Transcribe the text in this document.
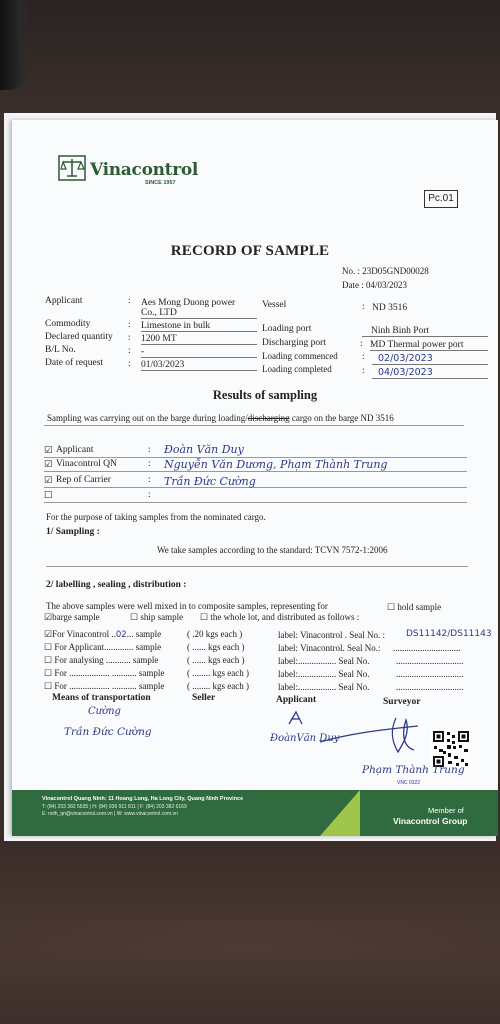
Vinacontrol
SINCE 1957
Pc.01
RECORD OF SAMPLE
No. : 23D05GND00028
Date : 04/03/2023
Applicant	: Aes Mong Duong power
Co., LTD
Commodity	: Limestone in bulk
Declared quantity : 1200 MT
B/L No.	: -
Date of request	: 01/03/2023
Vessel	: ND 3516
Loading port	Ninh Binh Port
Discharging port	: MD Thermal power port
Loading commenced	:	02/03/2023
Loading completed	:	04/03/2023
Results of sampling
Sampling was carrying out on the barge during loading/discharging cargo on the barge ND 3516
☑ Applicant	: Đoàn Văn Duy
☑ Vinacontrol QN	: Nguyễn Văn Dương, Phạm Thành Trung
☑ Rep of Carrier	: Trần Đức Cường
☐	:
For the purpose of taking samples from the nominated cargo.
1/ Sampling :
We take samples according to the standard: TCVN 7572-1:2006
2/ labelling , sealing , distribution :
The above samples were well mixed in to composite samples, representing for	☐ hold sample
☑barge sample	☐ ship sample ☐ the whole lot, and distributed as follows :
☑For Vinacontrol ..02... sample	( .20 kgs each )	label: Vinacontrol . Seal No. : DS11142/DS11143
☐ For Applicant............. sample	( ...... kgs each )	label: Vinacontrol. Seal No.: ..............................
☐ For analysing ........... sample	( ...... kgs each )	label:................. Seal No.	..............................
☐ For .................. ........... sample	( ........ kgs each )	label:................. Seal No.	..............................
☐ For .................. ........... sample	( ........ kgs each )	label:................. Seal No.	..............................
Means of transportation	Seller	Applicant	Surveyor
Cường
Trần Đức Cường
ĐoànVăn Duy
Phạm Thành Trung
VNC 0322
Vinacontrol Quang Ninh: 11 Hoang Long, Ha Long City, Quang Ninh Province
T: (84) 203 382 5535 | H: (84) 936 911 811 | F: (84) 203 382 6169
E: nvth_qn@vinacontrol.com.vn | W: www.vinacontrol.com.vn	Member of
Vinacontrol Group
